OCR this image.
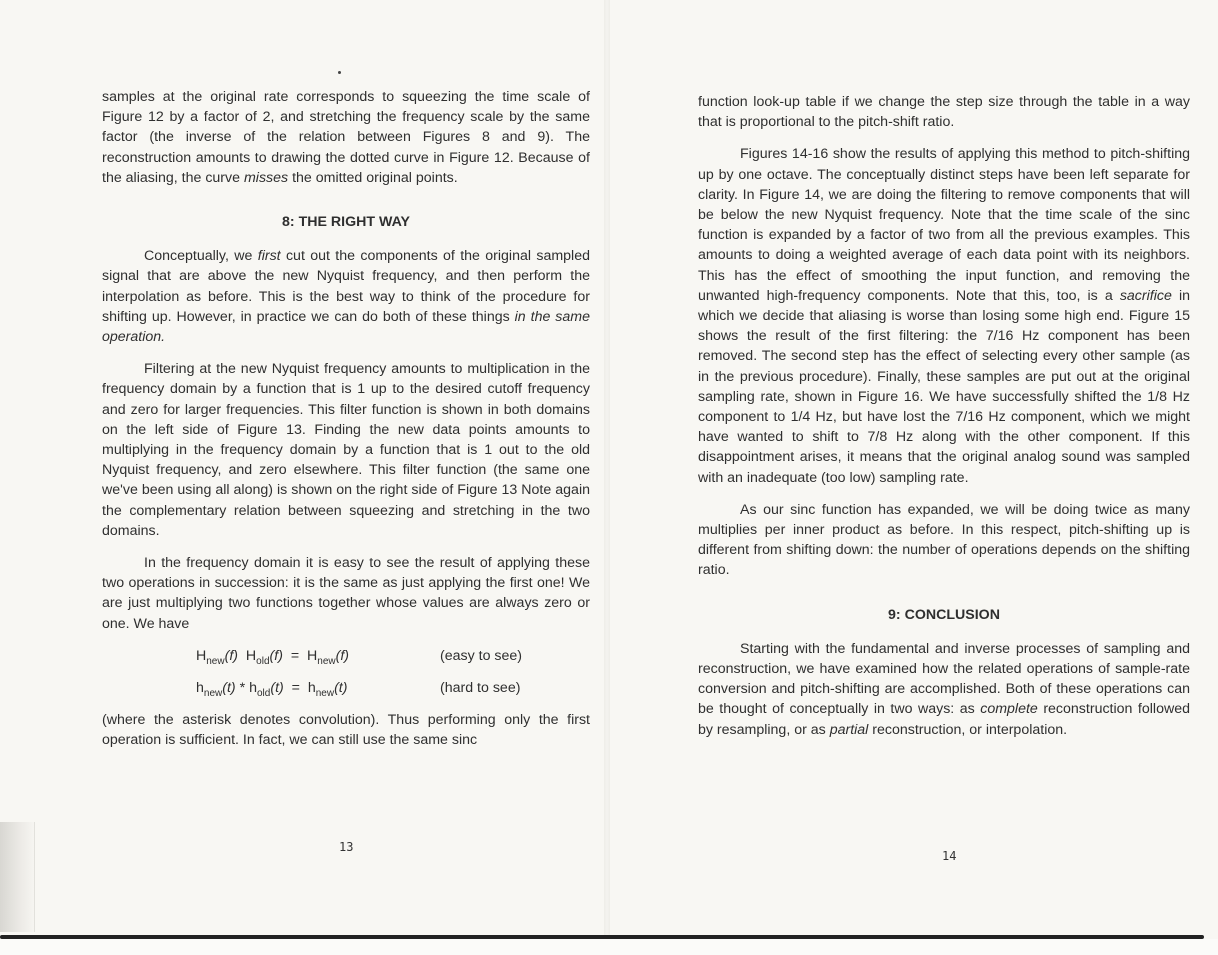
samples at the original rate corresponds to squeezing the time scale of Figure 12 by a factor of 2, and stretching the frequency scale by the same factor (the inverse of the relation between Figures 8 and 9). The reconstruction amounts to drawing the dotted curve in Figure 12. Because of the aliasing, the curve misses the omitted original points.

8: THE RIGHT WAY

Conceptually, we first cut out the components of the original sampled signal that are above the new Nyquist frequency, and then perform the interpolation as before. This is the best way to think of the procedure for shifting up. However, in practice we can do both of these things in the same operation.

Filtering at the new Nyquist frequency amounts to multiplication in the frequency domain by a function that is 1 up to the desired cutoff frequency and zero for larger frequencies. This filter function is shown in both domains on the left side of Figure 13. Finding the new data points amounts to multiplying in the frequency domain by a function that is 1 out to the old Nyquist frequency, and zero elsewhere. This filter function (the same one we've been using all along) is shown on the right side of Figure 13 Note again the complementary relation between squeezing and stretching in the two domains.

In the frequency domain it is easy to see the result of applying these two operations in succession: it is the same as just applying the first one! We are just multiplying two functions together whose values are always zero or one. We have

$H_{new}(f) H_{old}(f) = H_{new}(f)$	(easy to see)
$h_{new}(t) * h_{old}(t) = h_{new}(t)$	(hard to see)

(where the asterisk denotes convolution). Thus performing only the first operation is sufficient. In fact, we can still use the same sinc

function look-up table if we change the step size through the table in a way that is proportional to the pitch-shift ratio.

Figures 14-16 show the results of applying this method to pitch-shifting up by one octave. The conceptually distinct steps have been left separate for clarity. In Figure 14, we are doing the filtering to remove components that will be below the new Nyquist frequency. Note that the time scale of the sinc function is expanded by a factor of two from all the previous examples. This amounts to doing a weighted average of each data point with its neighbors. This has the effect of smoothing the input function, and removing the unwanted high-frequency components. Note that this, too, is a sacrifice in which we decide that aliasing is worse than losing some high end. Figure 15 shows the result of the first filtering: the 7/16 Hz component has been removed. The second step has the effect of selecting every other sample (as in the previous procedure). Finally, these samples are put out at the original sampling rate, shown in Figure 16. We have successfully shifted the 1/8 Hz component to 1/4 Hz, but have lost the 7/16 Hz component, which we might have wanted to shift to 7/8 Hz along with the other component. If this disappointment arises, it means that the original analog sound was sampled with an inadequate (too low) sampling rate.

As our sinc function has expanded, we will be doing twice as many multiplies per inner product as before. In this respect, pitch-shifting up is different from shifting down: the number of operations depends on the shifting ratio.

9: CONCLUSION

Starting with the fundamental and inverse processes of sampling and reconstruction, we have examined how the related operations of sample-rate conversion and pitch-shifting are accomplished. Both of these operations can be thought of conceptually in two ways: as complete reconstruction followed by resampling, or as partial reconstruction, or interpolation.

13
14
